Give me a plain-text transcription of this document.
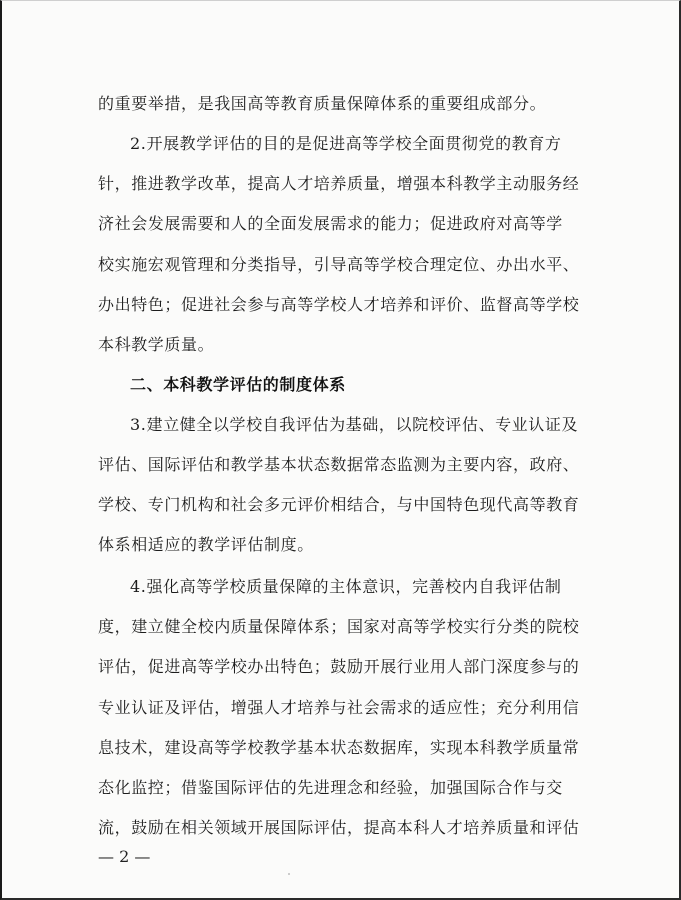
的重要举措，是我国高等教育质量保障体系的重要组成部分。
2.开展教学评估的目的是促进高等学校全面贯彻党的教育方
针，推进教学改革，提高人才培养质量，增强本科教学主动服务经
济社会发展需要和人的全面发展需求的能力；促进政府对高等学
校实施宏观管理和分类指导，引导高等学校合理定位、办出水平、
办出特色；促进社会参与高等学校人才培养和评价、监督高等学校
本科教学质量。
二、本科教学评估的制度体系
3.建立健全以学校自我评估为基础，以院校评估、专业认证及
评估、国际评估和教学基本状态数据常态监测为主要内容，政府、
学校、专门机构和社会多元评价相结合，与中国特色现代高等教育
体系相适应的教学评估制度。
4.强化高等学校质量保障的主体意识，完善校内自我评估制
度，建立健全校内质量保障体系；国家对高等学校实行分类的院校
评估，促进高等学校办出特色；鼓励开展行业用人部门深度参与的
专业认证及评估，增强人才培养与社会需求的适应性；充分利用信
息技术，建设高等学校教学基本状态数据库，实现本科教学质量常
态化监控；借鉴国际评估的先进理念和经验，加强国际合作与交
流，鼓励在相关领域开展国际评估，提高本科人才培养质量和评估
— 2 —
